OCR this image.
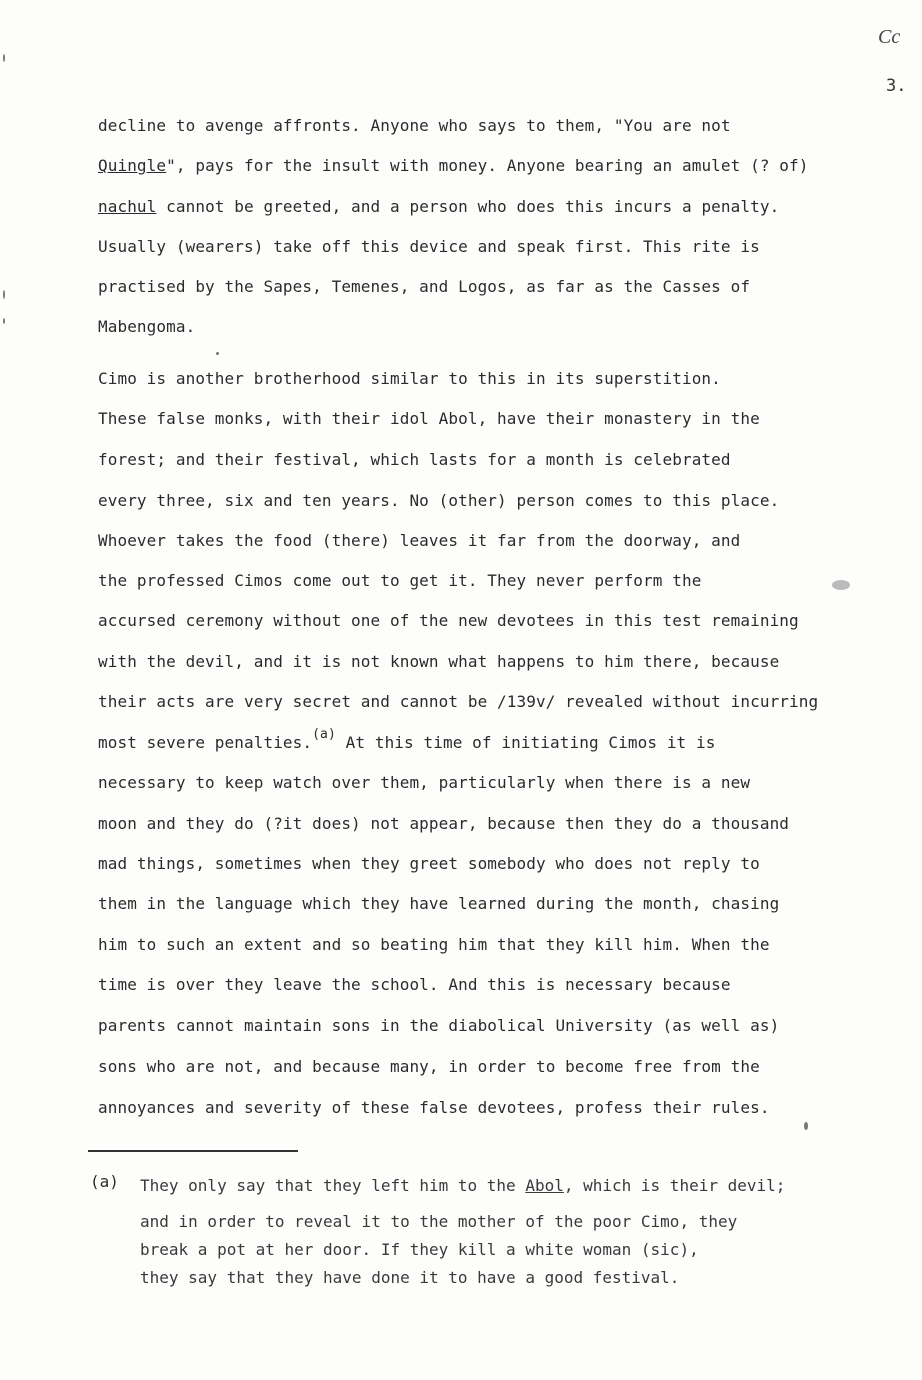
Cc
3.
decline to avenge affronts. Anyone who says to them, "You are not
Quingle", pays for the insult with money. Anyone bearing an amulet (? of)
nachul cannot be greeted, and a person who does this incurs a penalty.
Usually (wearers) take off this device and speak first. This rite is
practised by the Sapes, Temenes, and Logos, as far as the Casses of
Mabengoma.
Cimo is another brotherhood similar to this in its superstition.
These false monks, with their idol Abol, have their monastery in the
forest; and their festival, which lasts for a month is celebrated
every three, six and ten years. No (other) person comes to this place.
Whoever takes the food (there) leaves it far from the doorway, and
the professed Cimos come out to get it. They never perform the
accursed ceremony without one of the new devotees in this test remaining
with the devil, and it is not known what happens to him there, because
their acts are very secret and cannot be /139v/ revealed without incurring
most severe penalties.$^{(a)}$ At this time of initiating Cimos it is
necessary to keep watch over them, particularly when there is a new
moon and they do (?it does) not appear, because then they do a thousand
mad things, sometimes when they greet somebody who does not reply to
them in the language which they have learned during the month, chasing
him to such an extent and so beating him that they kill him. When the
time is over they leave the school. And this is necessary because
parents cannot maintain sons in the diabolical University (as well as)
sons who are not, and because many, in order to become free from the
annoyances and severity of these false devotees, profess their rules.
(a) They only say that they left him to the Abol, which is their devil;
and in order to reveal it to the mother of the poor Cimo, they
break a pot at her door. If they kill a white woman (sic),
they say that they have done it to have a good festival.
